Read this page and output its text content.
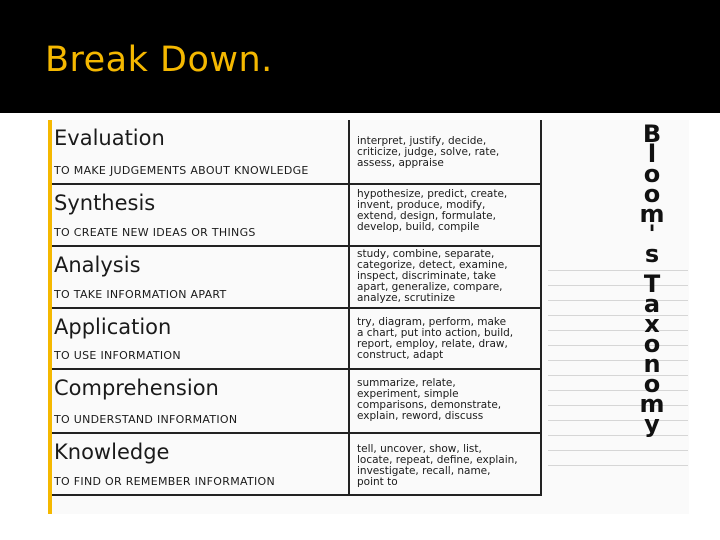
Break Down.
Evaluation
TO MAKE JUDGEMENTS ABOUT KNOWLEDGE
interpret, justify, decide,
criticize, judge, solve, rate,
assess, appraise
Synthesis
TO CREATE NEW IDEAS OR THINGS
hypothesize, predict, create,
invent, produce, modify,
extend, design, formulate,
develop, build, compile
Analysis
TO TAKE INFORMATION APART
study, combine, separate,
categorize, detect, examine,
inspect, discriminate, take
apart, generalize, compare,
analyze, scrutinize
Application
TO USE INFORMATION
try, diagram, perform, make
a chart, put into action, build,
report, employ, relate, draw,
construct, adapt
Comprehension
TO UNDERSTAND INFORMATION
summarize, relate,
experiment, simple
comparisons, demonstrate,
explain, reword, discuss
Knowledge
TO FIND OR REMEMBER INFORMATION
tell, uncover, show, list,
locate, repeat, define, explain,
investigate, recall, name,
point to
B
l
o
o
m
'
s
T
a
x
o
n
o
m
y
